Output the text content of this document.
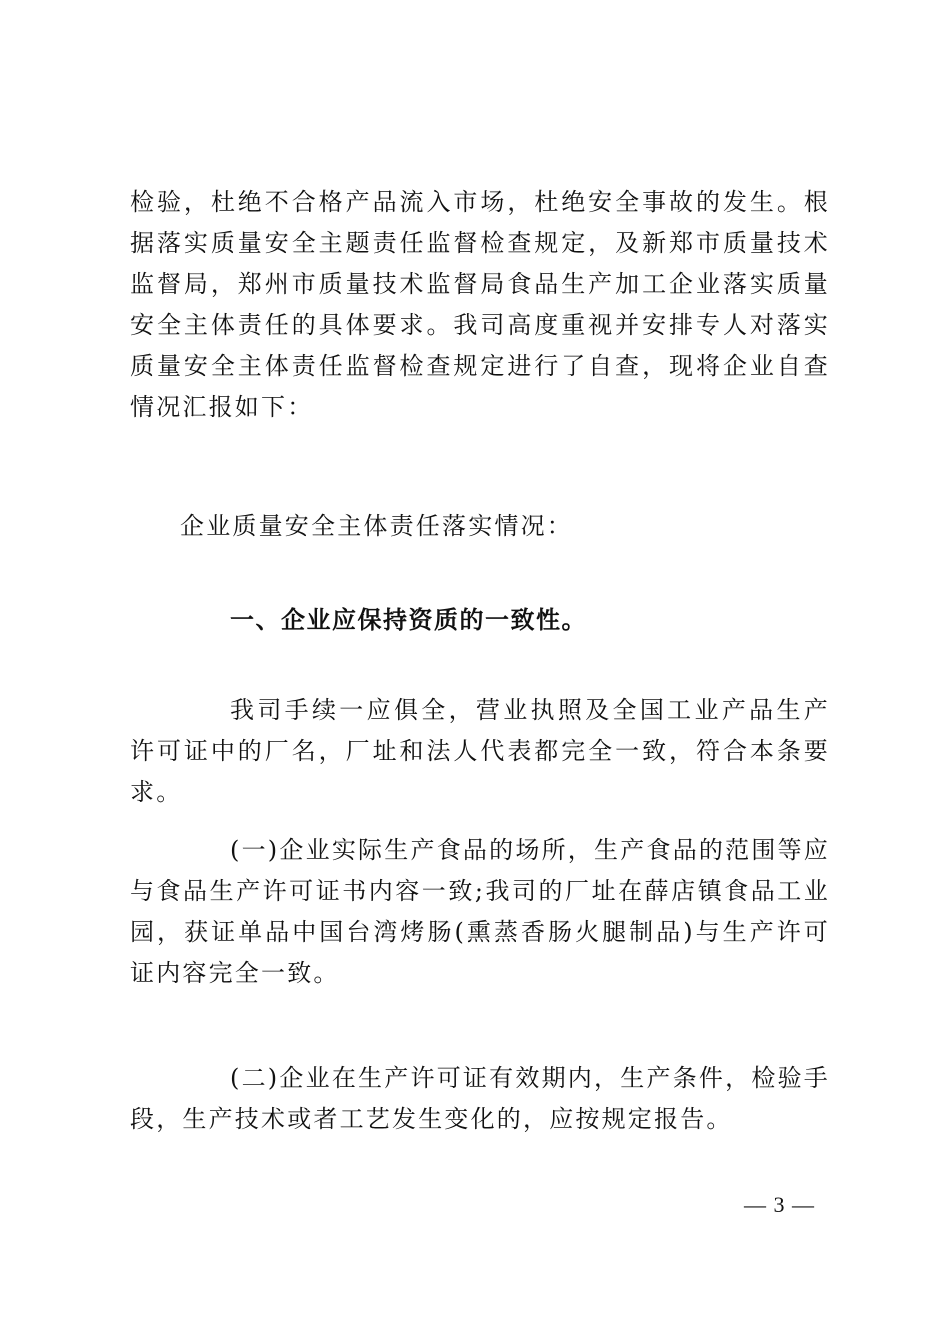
检验，杜绝不合格产品流入市场，杜绝安全事故的发生。根据落实质量安全主题责任监督检查规定，及新郑市质量技术监督局，郑州市质量技术监督局食品生产加工企业落实质量安全主体责任的具体要求。我司高度重视并安排专人对落实质量安全主体责任监督检查规定进行了自查，现将企业自查情况汇报如下：

企业质量安全主体责任落实情况：

一、企业应保持资质的一致性。

我司手续一应俱全，营业执照及全国工业产品生产许可证中的厂名，厂址和法人代表都完全一致，符合本条要求。

(一)企业实际生产食品的场所，生产食品的范围等应与食品生产许可证书内容一致;我司的厂址在薛店镇食品工业园，获证单品中国台湾烤肠(熏蒸香肠火腿制品)与生产许可证内容完全一致。

(二)企业在生产许可证有效期内，生产条件，检验手段，生产技术或者工艺发生变化的，应按规定报告。

— 3 —
